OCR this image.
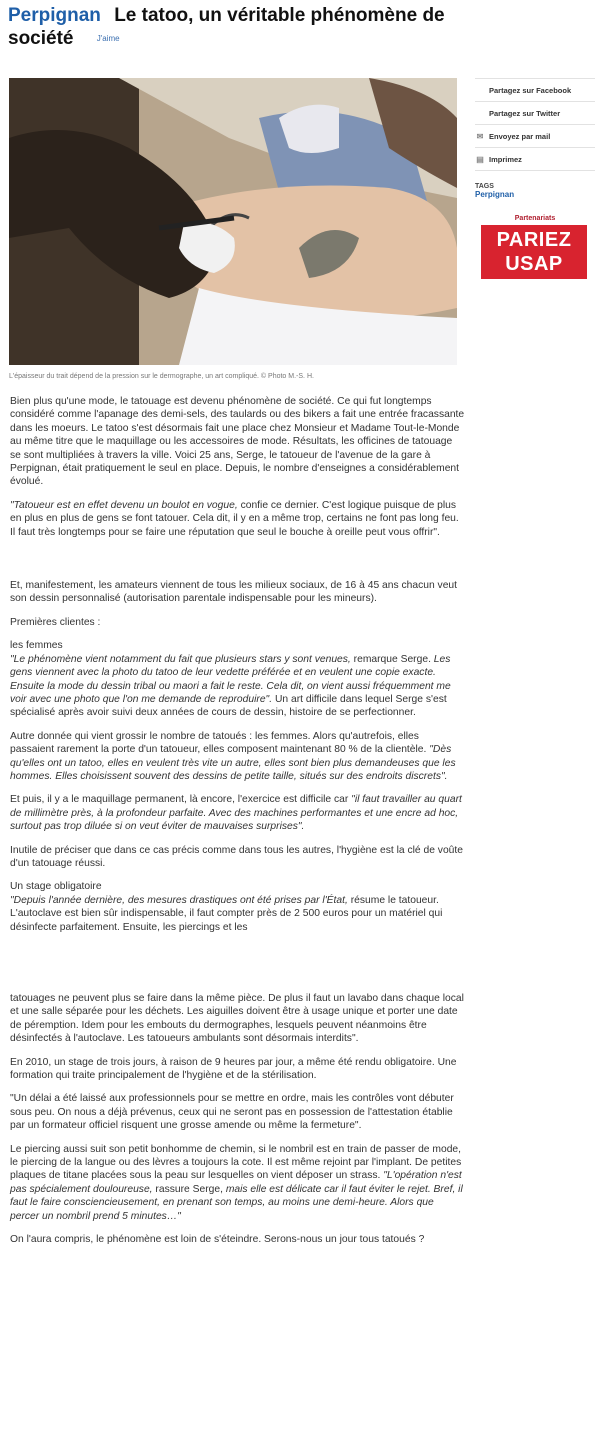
Perpignan Le tatoo, un véritable phénomène de
société	J'aime
L'épaisseur du trait dépend de la pression sur le dermographe, un art compliqué. © Photo M.-S. H.
Partagez sur Facebook
Partagez sur Twitter
✉ Envoyez par mail
▤ Imprimez
TAGS
Perpignan
Partenariats
PARIEZ
USAP

Bien plus qu'une mode, le tatouage est devenu phénomène de société. Ce qui fut longtemps considéré comme l'apanage des demi-sels, des taulards ou des bikers a fait une entrée fracassante dans les moeurs. Le tatoo s'est désormais fait une place chez Monsieur et Madame Tout-le-Monde au même titre que le maquillage ou les accessoires de mode. Résultats, les officines de tatouage se sont multipliées à travers la ville. Voici 25 ans, Serge, le tatoueur de l'avenue de la gare à Perpignan, était pratiquement le seul en place. Depuis, le nombre d'enseignes a considérablement évolué.

"Tatoueur est en effet devenu un boulot en vogue, confie ce dernier. C'est logique puisque de plus en plus en plus de gens se font tatouer. Cela dit, il y en a même trop, certains ne font pas long feu. Il faut très longtemps pour se faire une réputation que seul le bouche à oreille peut vous offrir".

Et, manifestement, les amateurs viennent de tous les milieux sociaux, de 16 à 45 ans chacun veut son dessin personnalisé (autorisation parentale indispensable pour les mineurs).

Premières clientes :

les femmes
"Le phénomène vient notamment du fait que plusieurs stars y sont venues, remarque Serge. Les gens viennent avec la photo du tatoo de leur vedette préférée et en veulent une copie exacte. Ensuite la mode du dessin tribal ou maori a fait le reste. Cela dit, on vient aussi fréquemment me voir avec une photo que l'on me demande de reproduire". Un art difficile dans lequel Serge s'est spécialisé après avoir suivi deux années de cours de dessin, histoire de se perfectionner.

Autre donnée qui vient grossir le nombre de tatoués : les femmes. Alors qu'autrefois, elles passaient rarement la porte d'un tatoueur, elles composent maintenant 80 % de la clientèle. "Dès qu'elles ont un tatoo, elles en veulent très vite un autre, elles sont bien plus demandeuses que les hommes. Elles choisissent souvent des dessins de petite taille, situés sur des endroits discrets".

Et puis, il y a le maquillage permanent, là encore, l'exercice est difficile car "il faut travailler au quart de millimètre près, à la profondeur parfaite. Avec des machines performantes et une encre ad hoc, surtout pas trop diluée si on veut éviter de mauvaises surprises".

Inutile de préciser que dans ce cas précis comme dans tous les autres, l'hygiène est la clé de voûte d'un tatouage réussi.

Un stage obligatoire
"Depuis l'année dernière, des mesures drastiques ont été prises par l'État, résume le tatoueur. L'autoclave est bien sûr indispensable, il faut compter près de 2 500 euros pour un matériel qui désinfecte parfaitement. Ensuite, les piercings et les

tatouages ne peuvent plus se faire dans la même pièce. De plus il faut un lavabo dans chaque local et une salle séparée pour les déchets. Les aiguilles doivent être à usage unique et porter une date de péremption. Idem pour les embouts du dermographes, lesquels peuvent néanmoins être désinfectés à l'autoclave. Les tatoueurs ambulants sont désormais interdits".

En 2010, un stage de trois jours, à raison de 9 heures par jour, a même été rendu obligatoire. Une formation qui traite principalement de l'hygiène et de la stérilisation.

"Un délai a été laissé aux professionnels pour se mettre en ordre, mais les contrôles vont débuter sous peu. On nous a déjà prévenus, ceux qui ne seront pas en possession de l'attestation établie par un formateur officiel risquent une grosse amende ou même la fermeture".

Le piercing aussi suit son petit bonhomme de chemin, si le nombril est en train de passer de mode, le piercing de la langue ou des lèvres a toujours la cote. Il est même rejoint par l'implant. De petites plaques de titane placées sous la peau sur lesquelles on vient déposer un strass. "L'opération n'est pas spécialement douloureuse, rassure Serge, mais elle est délicate car il faut éviter le rejet. Bref, il faut le faire consciencieusement, en prenant son temps, au moins une demi-heure. Alors que percer un nombril prend 5 minutes…"

On l'aura compris, le phénomène est loin de s'éteindre. Serons-nous un jour tous tatoués ?
